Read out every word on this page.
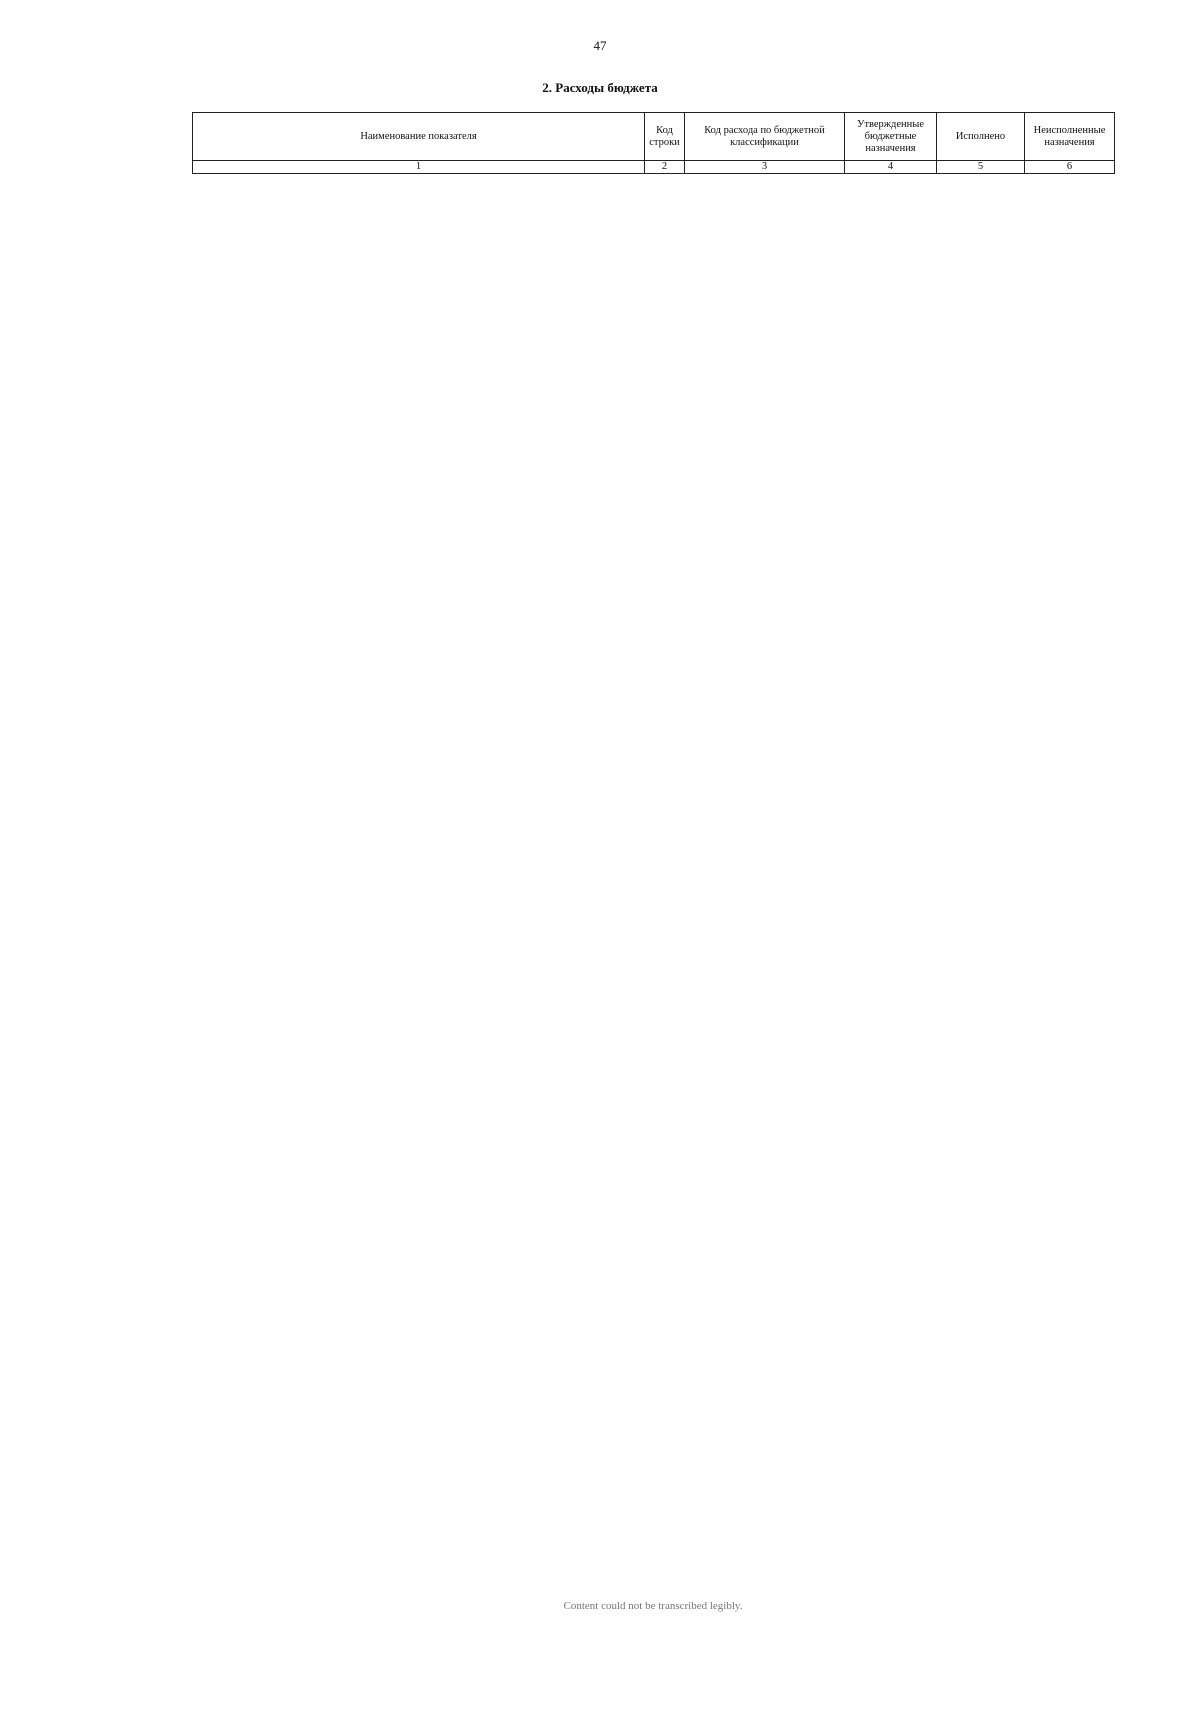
47
2. Расходы бюджета
Наименование показателя	Код строки	Код расхода по бюджетной классификации	Утвержденные бюджетные назначения	Исполнено	Неисполненные назначения
1	2	3	4	5	6
Content could not be transcribed legibly.
